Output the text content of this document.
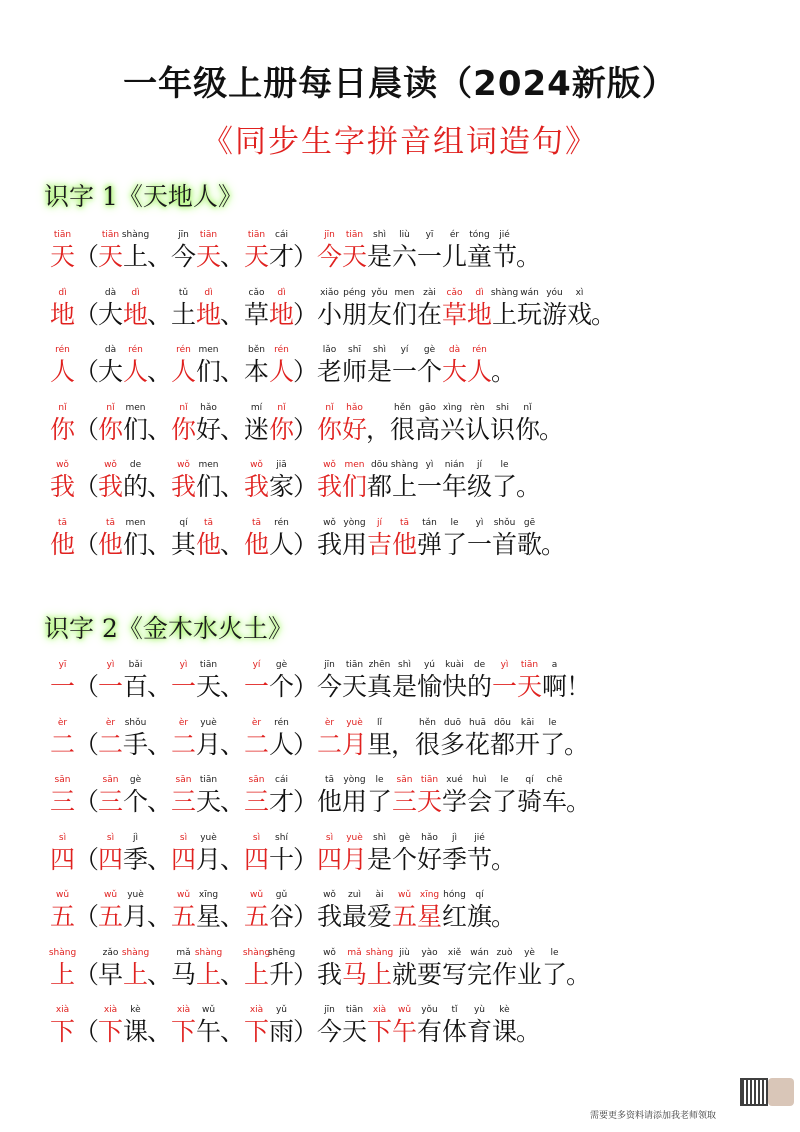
一年级上册每日晨读（2024新版）
《同步生字拼音组词造句》
识字 1《天地人》
tiān
天
（
tiān
天
shàng
上
、
jīn
今
tiān
天
、
tiān
天
cái
才
）
jīn
今
tiān
天
shì
是
liù
六
yī
一
ér
儿
tóng
童
jié
节
。
dì
地
（
dà
大
dì
地
、
tǔ
土
dì
地
、
cǎo
草
dì
地
）
xiǎo
小
péng
朋
yǒu
友
men
们
zài
在
cǎo
草
dì
地
shàng
上
wán
玩
yóu
游
xì
戏
。
rén
人
（
dà
大
rén
人
、
rén
人
men
们
、
běn
本
rén
人
）
lǎo
老
shī
师
shì
是
yí
一
gè
个
dà
大
rén
人
。
nǐ
你
（
nǐ
你
men
们
、
nǐ
你
hǎo
好
、
mí
迷
nǐ
你
）
nǐ
你
hǎo
好
，
hěn
很
gāo
高
xìng
兴
rèn
认
shi
识
nǐ
你
。
wǒ
我
（
wǒ
我
de
的
、
wǒ
我
men
们
、
wǒ
我
jiā
家
）
wǒ
我
men
们
dōu
都
shàng
上
yì
一
nián
年
jí
级
le
了
。
tā
他
（
tā
他
men
们
、
qí
其
tā
他
、
tā
他
rén
人
）
wǒ
我
yòng
用
jí
吉
tā
他
tán
弹
le
了
yì
一
shǒu
首
gē
歌
。
识字 2《金木水火土》
yī
一
（
yì
一
bǎi
百
、
yì
一
tiān
天
、
yí
一
gè
个
）
jīn
今
tiān
天
zhēn
真
shì
是
yú
愉
kuài
快
de
的
yì
一
tiān
天
a
啊
！
èr
二
（
èr
二
shǒu
手
、
èr
二
yuè
月
、
èr
二
rén
人
）
èr
二
yuè
月
lǐ
里
，
hěn
很
duō
多
huā
花
dōu
都
kāi
开
le
了
。
sān
三
（
sān
三
gè
个
、
sān
三
tiān
天
、
sān
三
cái
才
）
tā
他
yòng
用
le
了
sān
三
tiān
天
xué
学
huì
会
le
了
qí
骑
chē
车
。
sì
四
（
sì
四
jì
季
、
sì
四
yuè
月
、
sì
四
shí
十
）
sì
四
yuè
月
shì
是
gè
个
hǎo
好
jì
季
jié
节
。
wǔ
五
（
wǔ
五
yuè
月
、
wǔ
五
xīng
星
、
wǔ
五
gǔ
谷
）
wǒ
我
zuì
最
ài
爱
wǔ
五
xīng
星
hóng
红
qí
旗
。
shàng
上
（
zǎo
早
shàng
上
、
mǎ
马
shàng
上
、
shàng
上
shēng
升
）
wǒ
我
mǎ
马
shàng
上
jiù
就
yào
要
xiě
写
wán
完
zuò
作
yè
业
le
了
。
xià
下
（
xià
下
kè
课
、
xià
下
wǔ
午
、
xià
下
yǔ
雨
）
jīn
今
tiān
天
xià
下
wǔ
午
yǒu
有
tǐ
体
yù
育
kè
课
。
需要更多资料请添加我老师领取
